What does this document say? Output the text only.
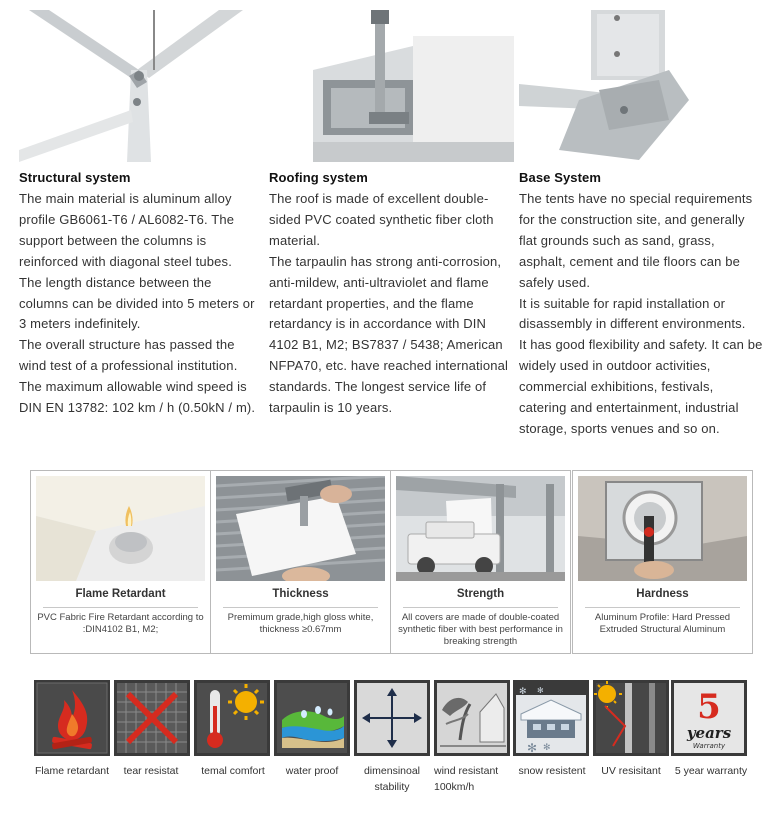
Structural system

The main material is aluminum alloy profile GB6061-T6 / AL6082-T6. The support between the columns is reinforced with diagonal steel tubes.

The length distance between the columns can be divided into 5 meters or 3 meters indefinitely.

The overall structure has passed the wind test of a professional institution.

The maximum allowable wind speed is DIN EN 13782: 102 km / h (0.50kN / m).

Roofing system

The roof is made of excellent double-sided PVC coated synthetic fiber cloth material.

The tarpaulin has strong anti-corrosion, anti-mildew, anti-ultraviolet and flame retardant properties, and the flame retardancy is in accordance with DIN 4102 B1, M2; BS7837 / 5438; American NFPA70, etc. have reached international standards. The longest service life of tarpaulin is 10 years.

Base System

The tents have no special requirements for the construction site, and generally flat grounds such as sand, grass, asphalt, cement and tile floors can be safely used.

It is suitable for rapid installation or disassembly in different environments.

It has good flexibility and safety. It can be widely used in outdoor activities, commercial exhibitions, festivals, catering and entertainment, industrial storage, sports venues and so on.

Flame Retardant
PVC Fabric Fire Retardant according to :DIN4102 B1, M2;
Thickness
Premimum grade,high gloss white, thickness ≥0.67mm
Strength
All covers are made of double-coated synthetic fiber with best performance in breaking strength
Hardness
Aluminum Profile: Hard Pressed Extruded Structural Aluminum
✻ ✻
✻ ✻	5
years
Warranty
Flame retardant	tear resistat	temal comfort	water proof	dimensinoal
stability
wind resistant
100km/h
snow resistent	UV resisitant	5 year warranty
